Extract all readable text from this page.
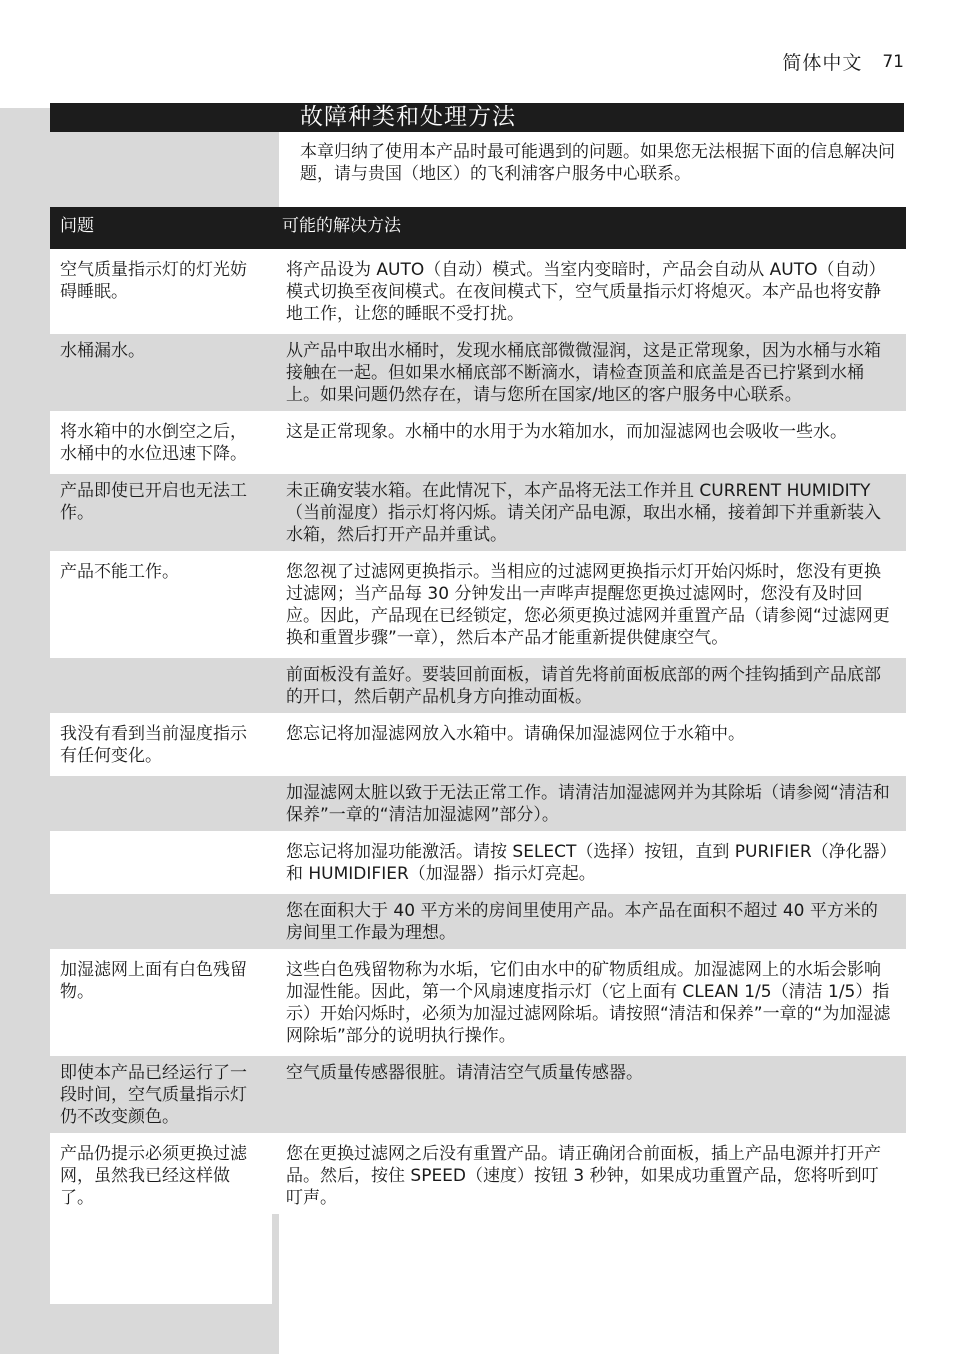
简体中文 71
故障种类和处理方法
本章归纳了使用本产品时最可能遇到的问题。如果您无法根据下面的信息解决问题，请与贵国（地区）的飞利浦客户服务中心联系。
问题	可能的解决方法
空气质量指示灯的灯光妨碍睡眠。	将产品设为 AUTO（自动）模式。当室内变暗时，产品会自动从 AUTO（自动）模式切换至夜间模式。在夜间模式下，空气质量指示灯将熄灭。本产品也将安静地工作，让您的睡眠不受打扰。
水桶漏水。	从产品中取出水桶时，发现水桶底部微微湿润，这是正常现象，因为水桶与水箱接触在一起。但如果水桶底部不断滴水，请检查顶盖和底盖是否已拧紧到水桶上。如果问题仍然存在，请与您所在国家/地区的客户服务中心联系。
将水箱中的水倒空之后，水桶中的水位迅速下降。	这是正常现象。水桶中的水用于为水箱加水，而加湿滤网也会吸收一些水。
产品即使已开启也无法工作。	未正确安装水箱。在此情况下，本产品将无法工作并且 CURRENT HUMIDITY（当前湿度）指示灯将闪烁。请关闭产品电源，取出水桶，接着卸下并重新装入水箱，然后打开产品并重试。
产品不能工作。	您忽视了过滤网更换指示。当相应的过滤网更换指示灯开始闪烁时，您没有更换过滤网；当产品每 30 分钟发出一声哔声提醒您更换过滤网时，您没有及时回应。因此，产品现在已经锁定，您必须更换过滤网并重置产品（请参阅“过滤网更换和重置步骤”一章），然后本产品才能重新提供健康空气。
	前面板没有盖好。要装回前面板，请首先将前面板底部的两个挂钩插到产品底部的开口，然后朝产品机身方向推动面板。
我没有看到当前湿度指示有任何变化。	您忘记将加湿滤网放入水箱中。请确保加湿滤网位于水箱中。
	加湿滤网太脏以致于无法正常工作。请清洁加湿滤网并为其除垢（请参阅“清洁和保养”一章的“清洁加湿滤网”部分）。
	您忘记将加湿功能激活。请按 SELECT（选择）按钮，直到 PURIFIER（净化器）和 HUMIDIFIER（加湿器）指示灯亮起。
	您在面积大于 40 平方米的房间里使用产品。本产品在面积不超过 40 平方米的房间里工作最为理想。
加湿滤网上面有白色残留物。	这些白色残留物称为水垢，它们由水中的矿物质组成。加湿滤网上的水垢会影响加湿性能。因此，第一个风扇速度指示灯（它上面有 CLEAN 1/5（清洁 1/5）指示）开始闪烁时，必须为加湿过滤网除垢。请按照“清洁和保养”一章的“为加湿滤网除垢”部分的说明执行操作。
即使本产品已经运行了一段时间，空气质量指示灯仍不改变颜色。	空气质量传感器很脏。请清洁空气质量传感器。
产品仍提示必须更换过滤网，虽然我已经这样做了。	您在更换过滤网之后没有重置产品。请正确闭合前面板，插上产品电源并打开产品。然后，按住 SPEED（速度）按钮 3 秒钟，如果成功重置产品，您将听到叮叮声。
